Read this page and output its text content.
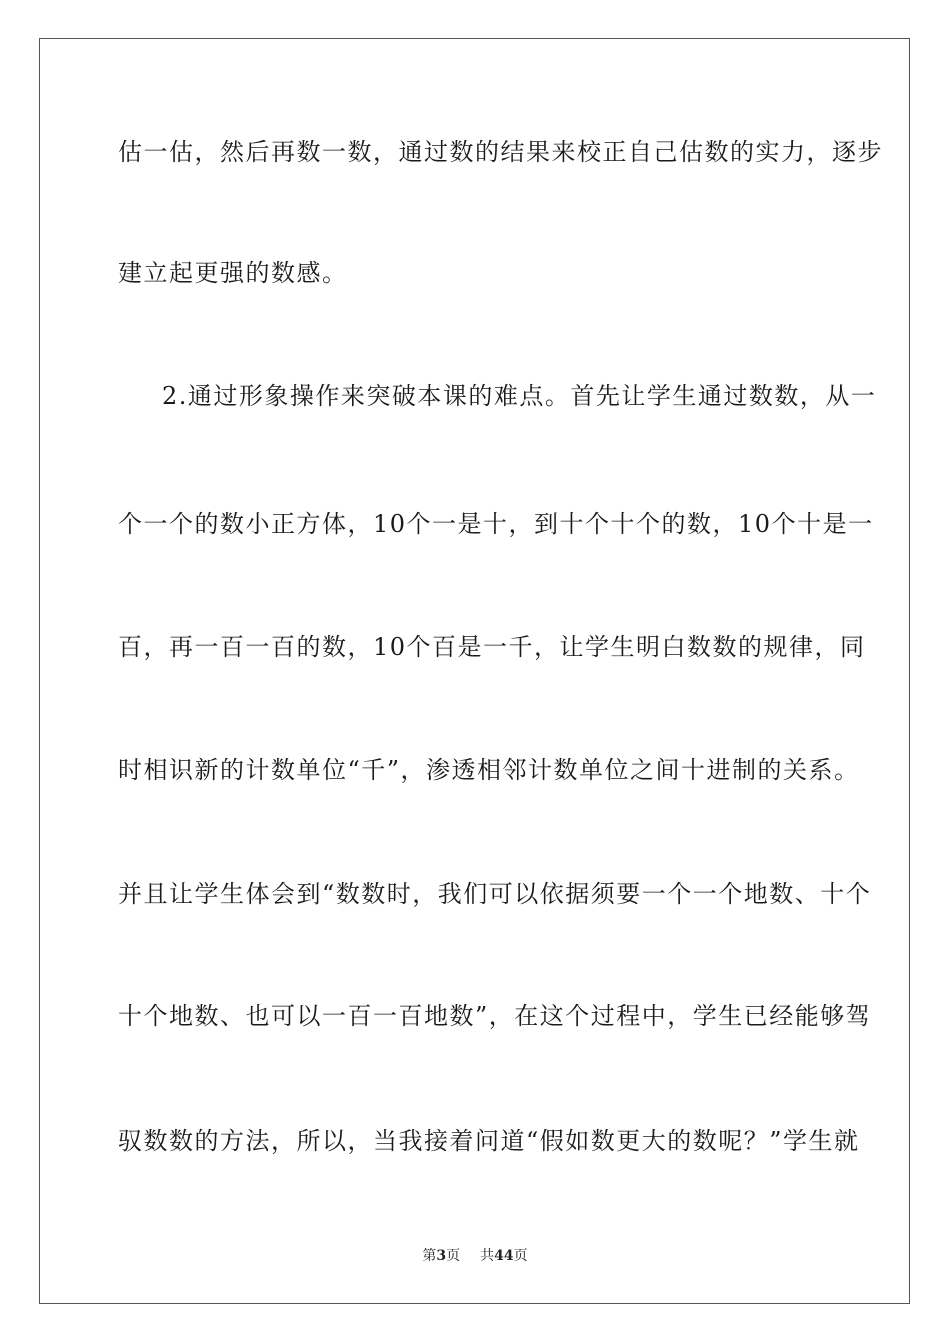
估一估，然后再数一数，通过数的结果来校正自己估数的实力，逐步
建立起更强的数感。
2.通过形象操作来突破本课的难点。首先让学生通过数数，从一
个一个的数小正方体，10个一是十，到十个十个的数，10个十是一
百，再一百一百的数，10个百是一千，让学生明白数数的规律，同
时相识新的计数单位“千”，渗透相邻计数单位之间十进制的关系。
并且让学生体会到“数数时，我们可以依据须要一个一个地数、十个
十个地数、也可以一百一百地数”，在这个过程中，学生已经能够驾
驭数数的方法，所以，当我接着问道“假如数更大的数呢？”学生就
第3页 共44页
